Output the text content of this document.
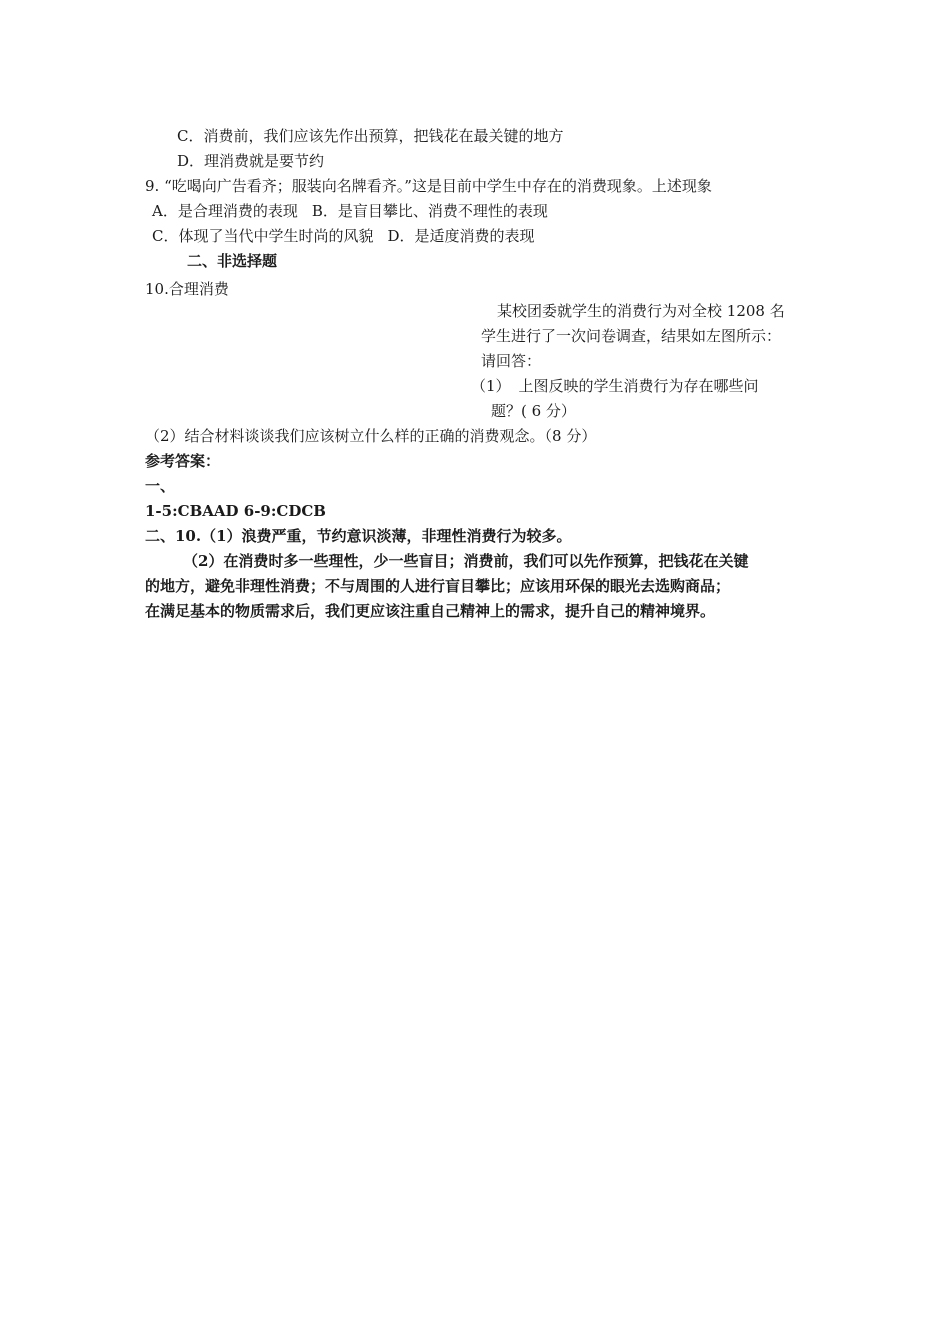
C．消费前，我们应该先作出预算，把钱花在最关键的地方
D．理消费就是要节约
9. “吃喝向广告看齐；服装向名牌看齐。”这是目前中学生中存在的消费现象。上述现象
A．是合理消费的表现 B．是盲目攀比、消费不理性的表现
C．体现了当代中学生时尚的风貌 D．是适度消费的表现
二、非选择题
10.合理消费
某校团委就学生的消费行为对全校 1208 名
学生进行了一次问卷调查，结果如左图所示：
请回答：
（1） 上图反映的学生消费行为存在哪些问
题？( 6 分）
（2）结合材料谈谈我们应该树立什么样的正确的消费观念。（8 分）
参考答案：
一、
1-5:CBAAD 6-9:CDCB
二、10.（1）浪费严重，节约意识淡薄，非理性消费行为较多。
（2）在消费时多一些理性，少一些盲目；消费前，我们可以先作预算，把钱花在关键
的地方，避免非理性消费；不与周围的人进行盲目攀比；应该用环保的眼光去选购商品；
在满足基本的物质需求后，我们更应该注重自己精神上的需求，提升自己的精神境界。
